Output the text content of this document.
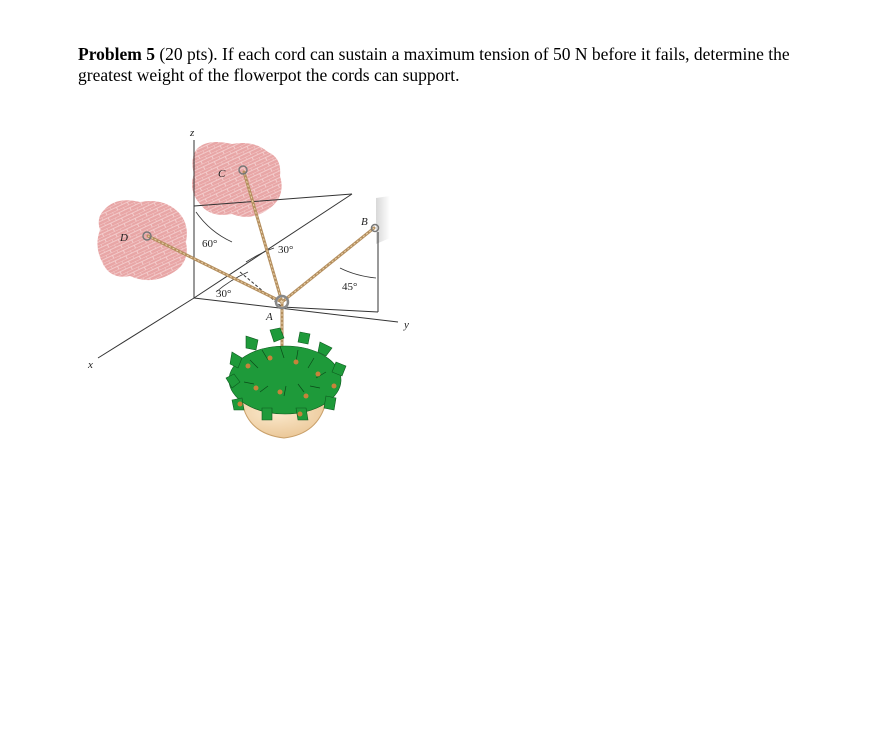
Problem 5 (20 pts). If each cord can sustain a maximum tension of 50 N before it fails, determine the greatest weight of the flowerpot the cords can support.
z
x
y
A
B
C
D	60°	30°
30°
45°
